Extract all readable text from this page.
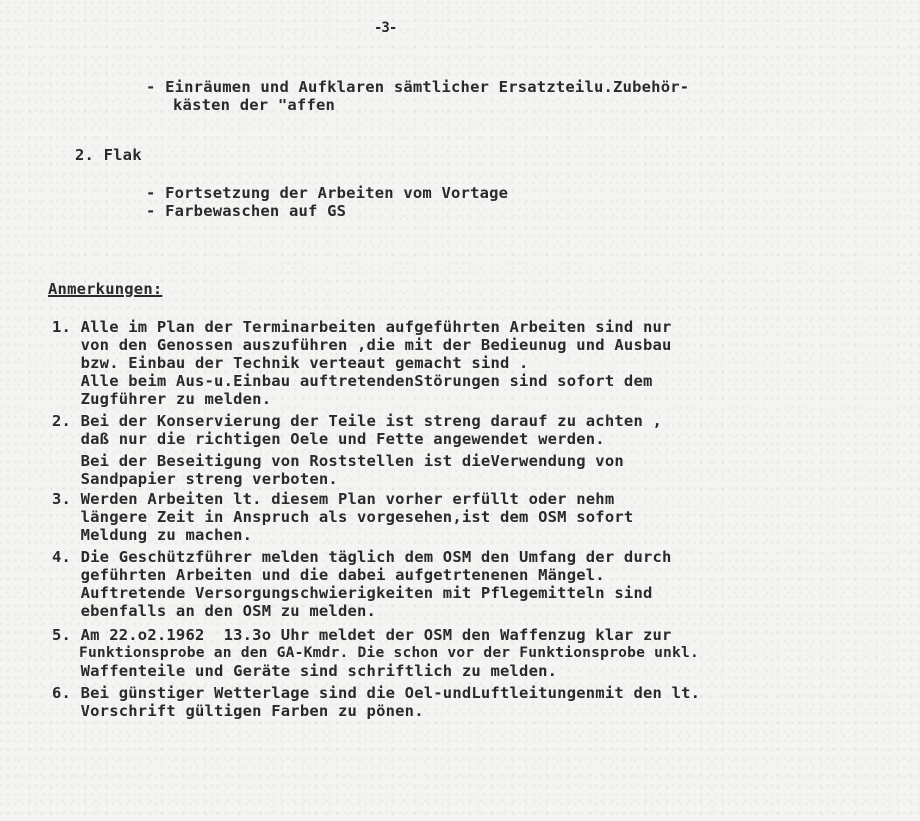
-3-
- Einräumen und Aufklaren sämtlicher Ersatzteilu.Zubehör-
kästen der "affen
2. Flak
- Fortsetzung der Arbeiten vom Vortage
- Farbewaschen auf GS
Anmerkungen:
1. Alle im Plan der Terminarbeiten aufgeführten Arbeiten sind nur
von den Genossen auszuführen ,die mit der Bedieunug und Ausbau
bzw. Einbau der Technik verteaut gemacht sind .
Alle beim Aus-u.Einbau auftretendenStörungen sind sofort dem
Zugführer zu melden.
2. Bei der Konservierung der Teile ist streng darauf zu achten ,
daß nur die richtigen Oele und Fette angewendet werden.
Bei der Beseitigung von Roststellen ist dieVerwendung von
Sandpapier streng verboten.
3. Werden Arbeiten lt. diesem Plan vorher erfüllt oder nehm
längere Zeit in Anspruch als vorgesehen,ist dem OSM sofort
Meldung zu machen.
4. Die Geschützführer melden täglich dem OSM den Umfang der durch
geführten Arbeiten und die dabei aufgetrtenenen Mängel.
Auftretende Versorgungschwierigkeiten mit Pflegemitteln sind
ebenfalls an den OSM zu melden.
5. Am 22.o2.1962  13.3o Uhr meldet der OSM den Waffenzug klar zur
Funktionsprobe an den GA-Kmdr. Die schon vor der Funktionsprobe unkl.
Waffenteile und Geräte sind schriftlich zu melden.
6. Bei günstiger Wetterlage sind die Oel-undLuftleitungenmit den lt.
Vorschrift gültigen Farben zu pönen.
